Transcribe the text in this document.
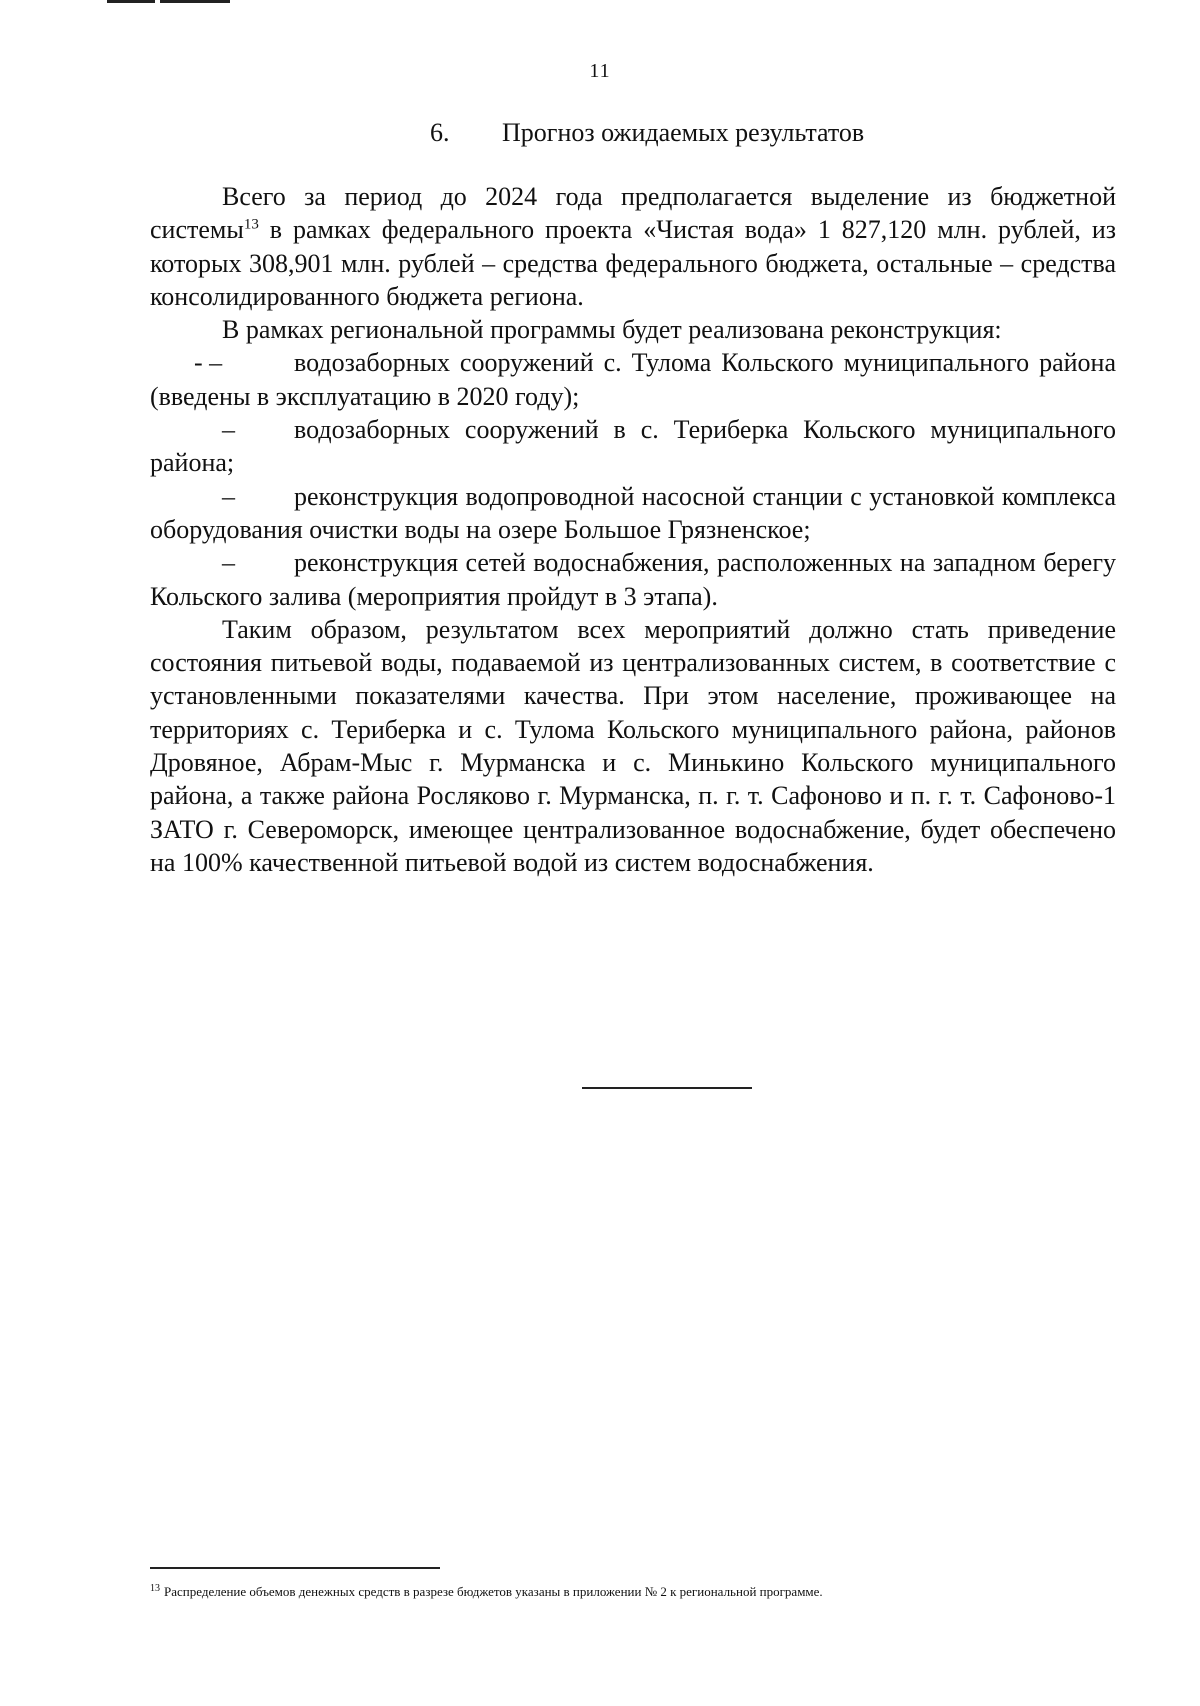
11
6. Прогноз ожидаемых результатов

Всего за период до 2024 года предполагается выделение из бюджетной системы$^{13}$ в рамках федерального проекта «Чистая вода» 1 827,120 млн. рублей, из которых 308,901 млн. рублей – средства федерального бюджета, остальные – средства консолидированного бюджета региона.

В рамках региональной программы будет реализована реконструкция:

- –	водозаборных сооружений с. Тулома Кольского муниципального района (введены в эксплуатацию в 2020 году);

– водозаборных сооружений в с. Териберка Кольского муниципального района;

– реконструкция водопроводной насосной станции с установкой комплекса оборудования очистки воды на озере Большое Грязненское;

– реконструкция сетей водоснабжения, расположенных на западном берегу Кольского залива (мероприятия пройдут в 3 этапа).

Таким образом, результатом всех мероприятий должно стать приведение состояния питьевой воды, подаваемой из централизованных систем, в соответствие с установленными показателями качества. При этом население, проживающее на территориях с. Териберка и с. Тулома Кольского муниципального района, районов Дровяное, Абрам-Мыс г. Мурманска и с. Минькино Кольского муниципального района, а также района Росляково г. Мурманска, п. г. т. Сафоново и п. г. т. Сафоново-1 ЗАТО г. Североморск, имеющее централизованное водоснабжение, будет обеспечено на 100% качественной питьевой водой из систем водоснабжения.

$^{13}$ Распределение объемов денежных средств в разрезе бюджетов указаны в приложении № 2 к региональной программе.
